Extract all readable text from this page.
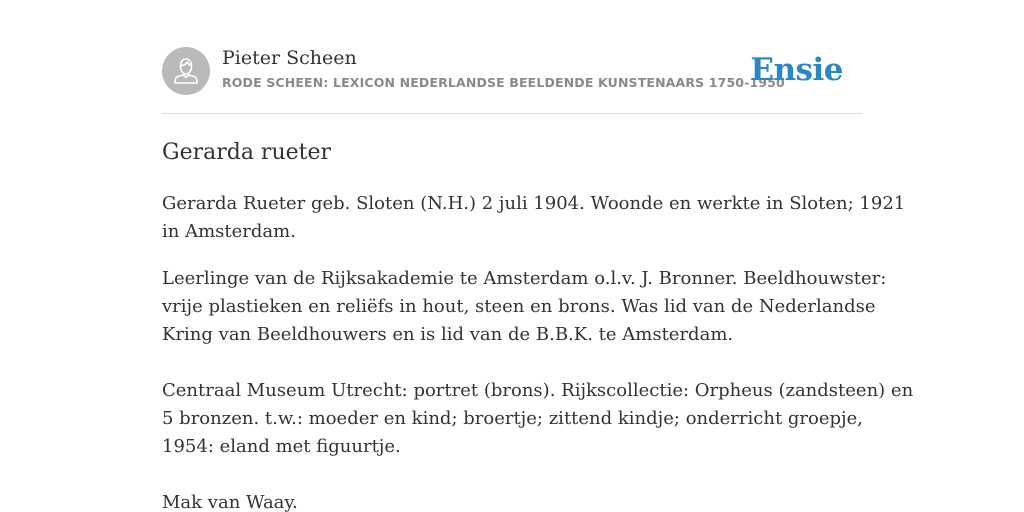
Pieter Scheen
RODE SCHEEN: LEXICON NEDERLANDSE BEELDENDE KUNSTENAARS 1750-1950
Ensie
Gerarda rueter

Gerarda Rueter geb. Sloten (N.H.) 2 juli 1904. Woonde en werkte in Sloten; 1921
in Amsterdam.

Leerlinge van de Rijksakademie te Amsterdam o.l.v. J. Bronner. Beeldhouwster:
vrije plastieken en reliëfs in hout, steen en brons. Was lid van de Nederlandse
Kring van Beeldhouwers en is lid van de B.B.K. te Amsterdam.

Centraal Museum Utrecht: portret (brons). Rijkscollectie: Orpheus (zandsteen) en
5 bronzen. t.w.: moeder en kind; broertje; zittend kindje; onderricht groepje,
1954: eland met figuurtje.

Mak van Waay.
